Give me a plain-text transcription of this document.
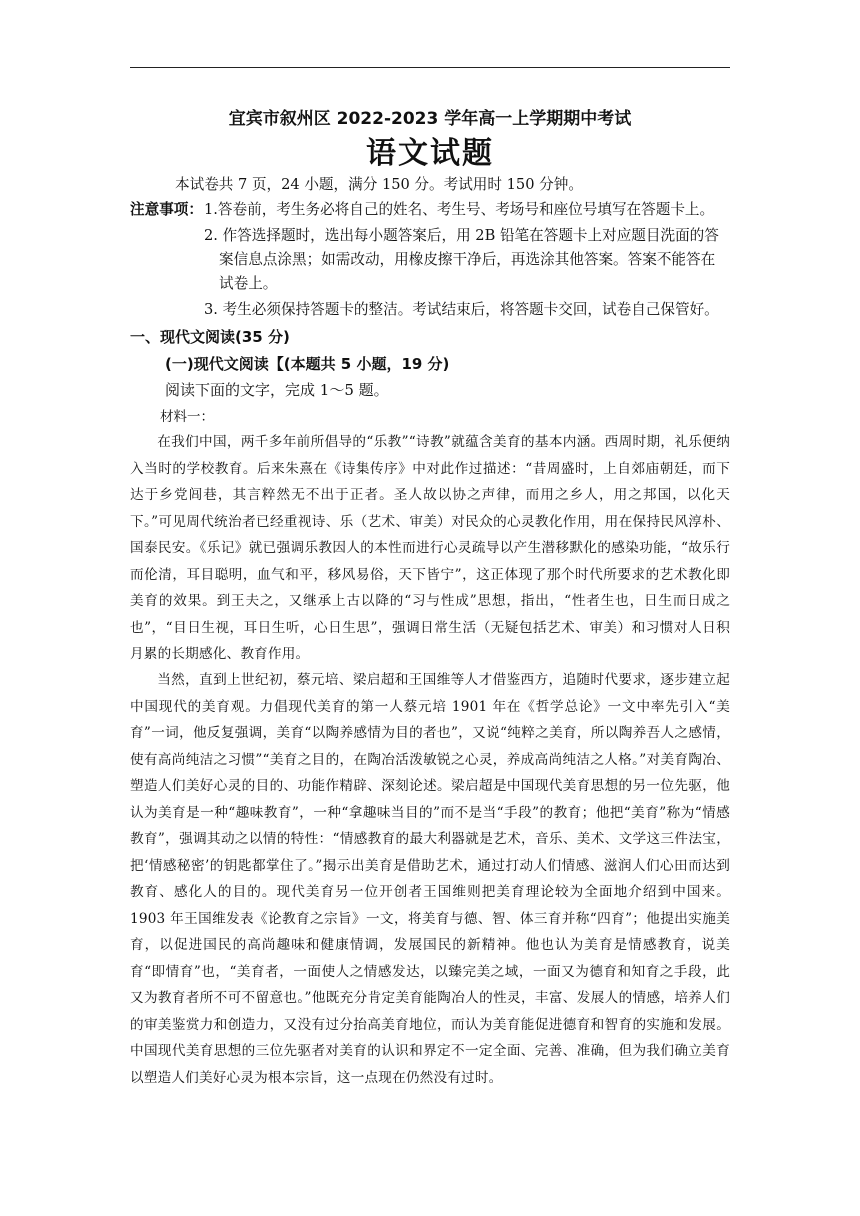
宜宾市叙州区 2022-2023 学年高一上学期期中考试
语文试题
本试卷共 7 页，24 小题，满分 150 分。考试用时 150 分钟。
注意事项： 1.答卷前，考生务必将自己的姓名、考生号、考场号和座位号填写在答题卡上。
2. 作答选择题时，选出每小题答案后，用 2B 铅笔在答题卡上对应题目洗面的答
案信息点涂黑；如需改动，用橡皮擦干净后，再选涂其他答案。答案不能答在
试卷上。
3. 考生必须保持答题卡的整洁。考试结束后，将答题卡交回，试卷自己保管好。
一、现代文阅读(35 分)
(一)现代文阅读【(本题共 5 小题，19 分)
阅读下面的文字，完成 1～5 题。
材料一：
在我们中国，两千多年前所倡导的“乐教”“诗教”就蕴含美育的基本内涵。西周时期，礼乐便纳入当时的学校教育。后来朱熹在《诗集传序》中对此作过描述：“昔周盛时，上自郊庙朝廷，而下达于乡党闾巷，其言粹然无不出于正者。圣人故以协之声律，而用之乡人，用之邦国，以化天下。”可见周代统治者已经重视诗、乐（艺术、审美）对民众的心灵教化作用，用在保持民风淳朴、国泰民安。《乐记》就已强调乐教因人的本性而进行心灵疏导以产生潜移默化的感染功能，“故乐行而伦清，耳目聪明，血气和平，移风易俗，天下皆宁”，这正体现了那个时代所要求的艺术教化即美育的效果。到王夫之，又继承上古以降的“习与性成”思想，指出，“性者生也，日生而日成之也”，“目日生视，耳日生听，心日生思”，强调日常生活（无疑包括艺术、审美）和习惯对人日积月累的长期感化、教育作用。
当然，直到上世纪初，蔡元培、梁启超和王国维等人才借鉴西方，追随时代要求，逐步建立起中国现代的美育观。力倡现代美育的第一人蔡元培 1901 年在《哲学总论》一文中率先引入“美育”一词，他反复强调，美育“以陶养感情为目的者也”，又说“纯粹之美育，所以陶养吾人之感情，使有高尚纯洁之习惯”“美育之目的，在陶冶活泼敏锐之心灵，养成高尚纯洁之人格。”对美育陶冶、塑造人们美好心灵的目的、功能作精辟、深刻论述。梁启超是中国现代美育思想的另一位先驱，他认为美育是一种“趣味教育”，一种“拿趣味当目的”而不是当“手段”的教育；他把“美育”称为“情感教育”，强调其动之以情的特性：“情感教育的最大利器就是艺术，音乐、美术、文学这三件法宝，把‘情感秘密’的钥匙都掌住了。”揭示出美育是借助艺术，通过打动人们情感、滋润人们心田而达到教育、感化人的目的。现代美育另一位开创者王国维则把美育理论较为全面地介绍到中国来。1903 年王国维发表《论教育之宗旨》一文，将美育与德、智、体三育并称“四育”；他提出实施美育，以促进国民的高尚趣味和健康情调，发展国民的新精神。他也认为美育是情感教育，说美育“即情育”也，“美育者，一面使人之情感发达，以臻完美之域，一面又为德育和知育之手段，此又为教育者所不可不留意也。”他既充分肯定美育能陶冶人的性灵，丰富、发展人的情感，培养人们的审美鉴赏力和创造力，又没有过分抬高美育地位，而认为美育能促进德育和智育的实施和发展。中国现代美育思想的三位先驱者对美育的认识和界定不一定全面、完善、准确，但为我们确立美育以塑造人们美好心灵为根本宗旨，这一点现在仍然没有过时。
